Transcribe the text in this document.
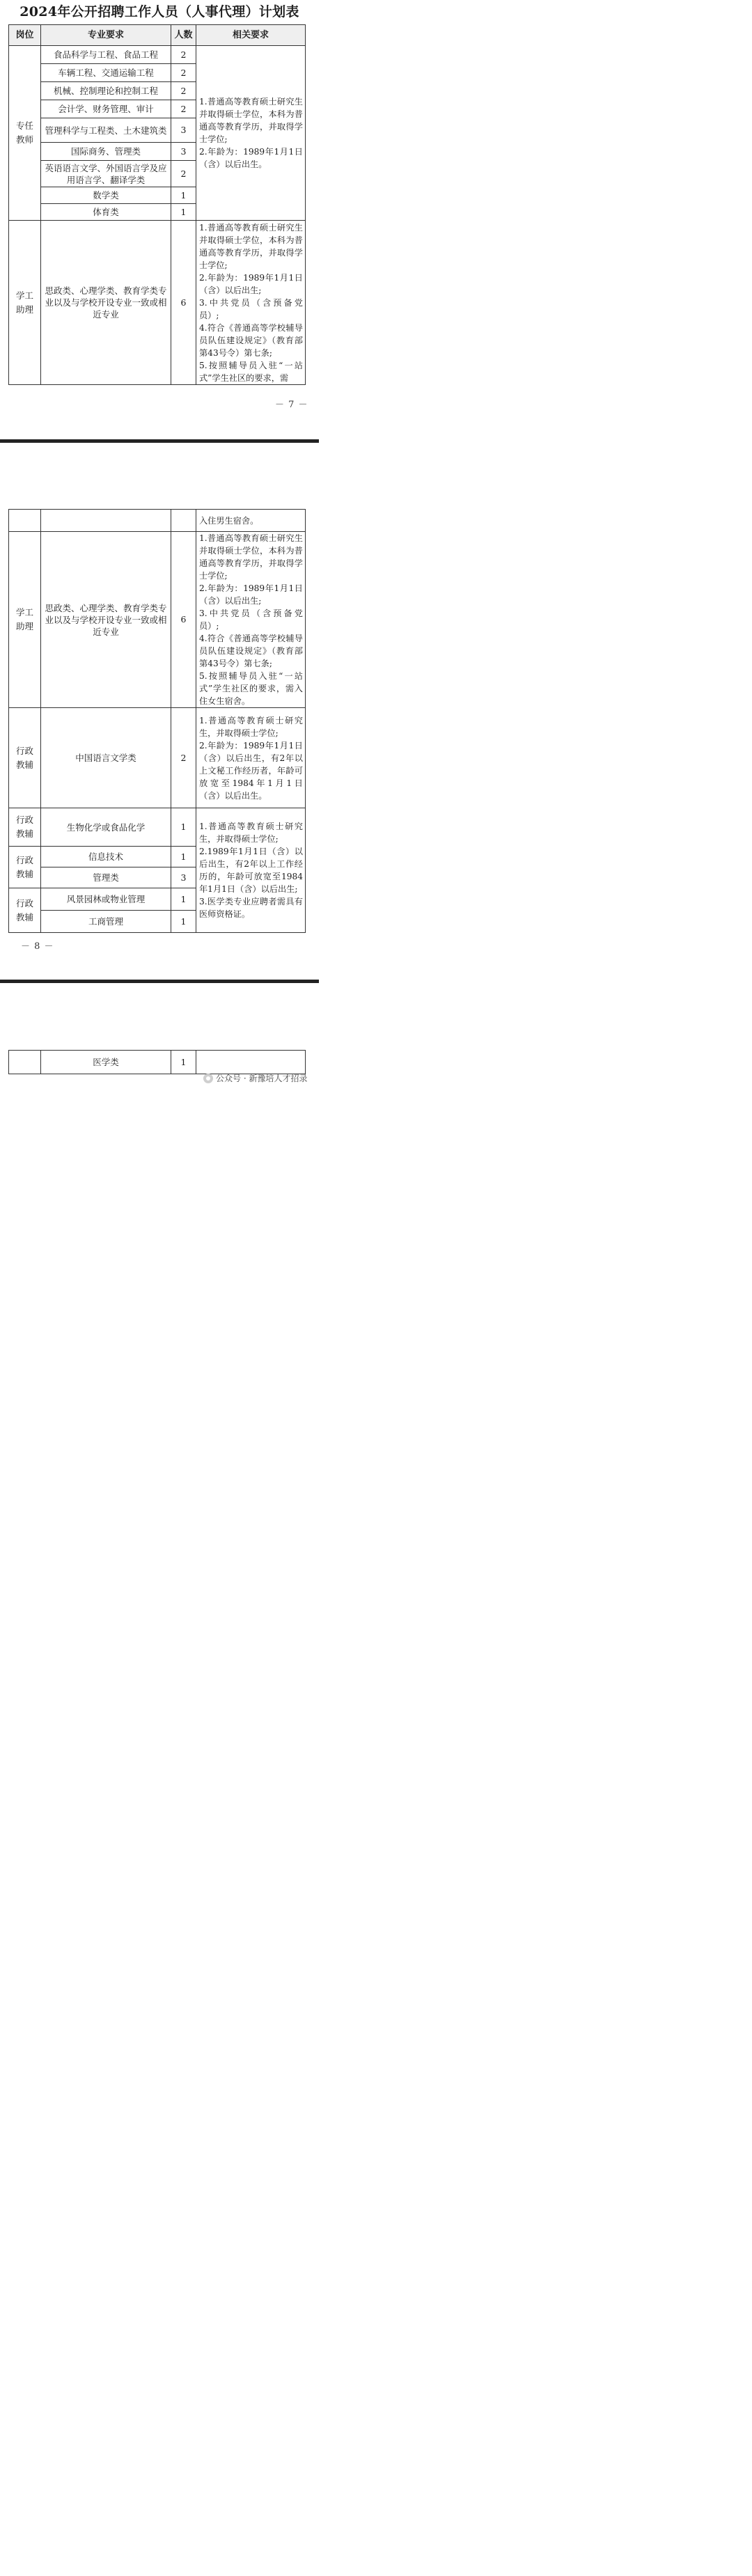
2024年公开招聘工作人员（人事代理）计划表
岗位	专业要求	人数	相关要求

专任教师	食品科学与工程、食品工程	2	1.普通高等教育硕士研究生并取得硕士学位，本科为普通高等教育学历，并取得学士学位;
2.年龄为：1989年1月1日（含）以后出生。

	车辆工程、交通运输工程	2	
	机械、控制理论和控制工程	2	
	会计学、财务管理、审计	2	
	管理科学与工程类、土木建筑类	3	
	国际商务、管理类	3	
	英语语言文学、外国语言学及应用语言学、翻译学类	2	
	数学类	1	
	体育类	1	

学工助理	思政类、心理学类、教育学类专业以及与学校开设专业一致或相近专业	6	1.普通高等教育硕士研究生并取得硕士学位，本科为普通高等教育学历，并取得学士学位;
2.年龄为：1989年1月1日（含）以后出生;
3.中共党员（含预备党员）;
4.符合《普通高等学校辅导员队伍建设规定》（教育部第43号令）第七条;
5.按照辅导员入驻“一站式”学生社区的要求，需
－ 7 －
			入住男生宿舍。

学工助理	思政类、心理学类、教育学类专业以及与学校开设专业一致或相近专业	6	1.普通高等教育硕士研究生并取得硕士学位，本科为普通高等教育学历，并取得学士学位;
2.年龄为：1989年1月1日（含）以后出生;
3.中共党员（含预备党员）;
4.符合《普通高等学校辅导员队伍建设规定》（教育部第43号令）第七条;
5.按照辅导员入驻“一站式”学生社区的要求，需入住女生宿舍。

行政教辅	中国语言文学类	2	1.普通高等教育硕士研究生，并取得硕士学位;
2.年龄为：1989年1月1日（含）以后出生，有2年以上文秘工作经历者，年龄可放宽至1984年1月1日（含）以后出生。

行政教辅	生物化学或食品化学	1	1.普通高等教育硕士研究生，并取得硕士学位;
2.1989年1月1日（含）以后出生，有2年以上工作经历的，年龄可放宽至1984年1月1日（含）以后出生;
3.医学类专业应聘者需具有医师资格证。

行政教辅	信息技术	1	
	管理类	3	

行政教辅	风景园林或物业管理	1	
	工商管理	1	
－ 8 －
	医学类	1	
公众号 · 新豫培人才招录
